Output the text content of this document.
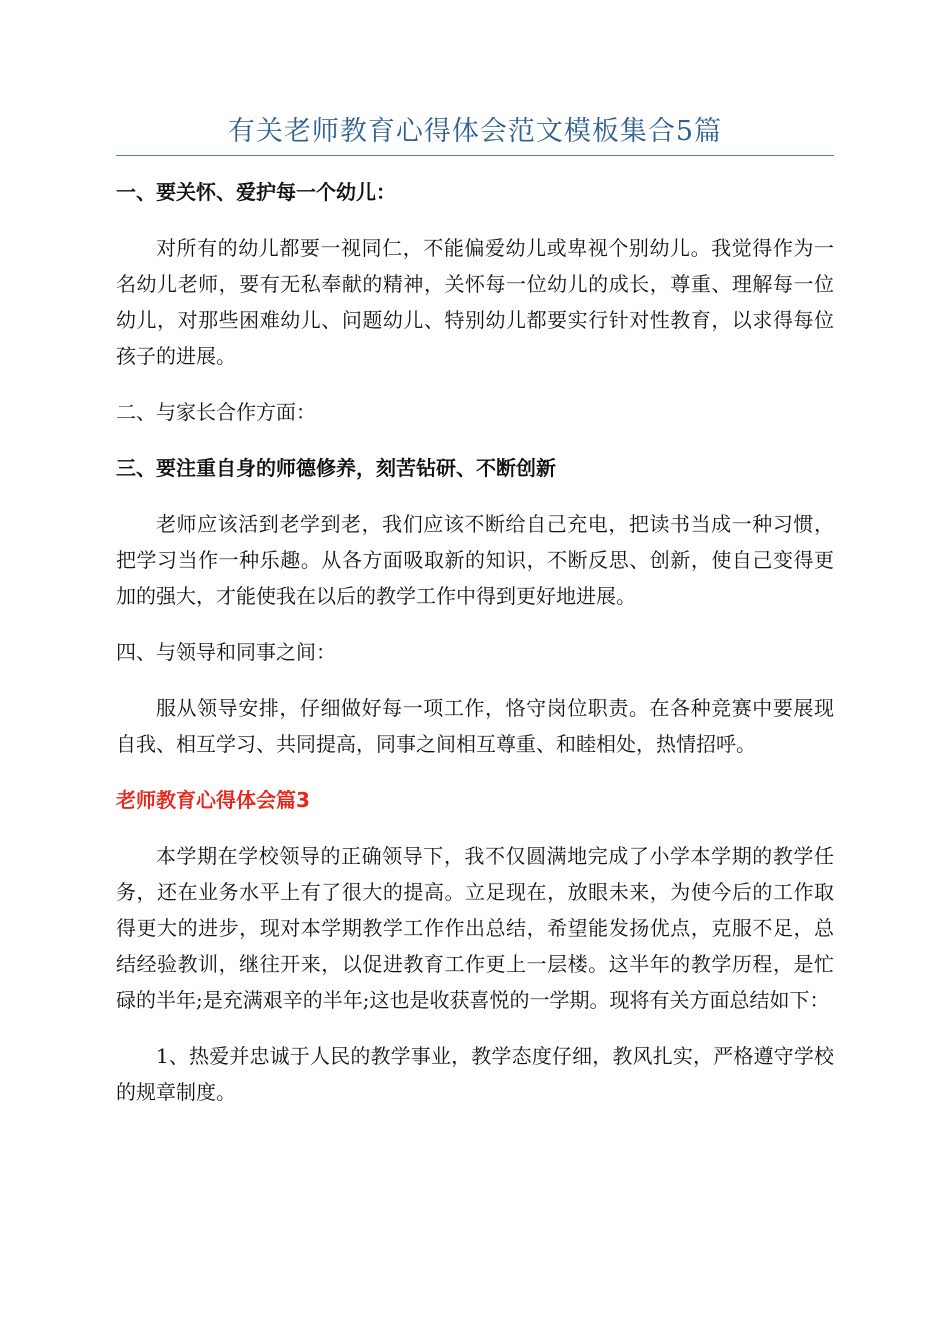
有关老师教育心得体会范文模板集合5篇
一、要关怀、爱护每一个幼儿：
对所有的幼儿都要一视同仁，不能偏爱幼儿或卑视个别幼儿。我觉得作为一名幼儿老师，要有无私奉献的精神，关怀每一位幼儿的成长，尊重、理解每一位幼儿，对那些困难幼儿、问题幼儿、特别幼儿都要实行针对性教育，以求得每位孩子的进展。
二、与家长合作方面：
三、要注重自身的师德修养，刻苦钻研、不断创新
老师应该活到老学到老，我们应该不断给自己充电，把读书当成一种习惯，把学习当作一种乐趣。从各方面吸取新的知识，不断反思、创新，使自己变得更加的强大，才能使我在以后的教学工作中得到更好地进展。
四、与领导和同事之间：
服从领导安排，仔细做好每一项工作，恪守岗位职责。在各种竞赛中要展现自我、相互学习、共同提高，同事之间相互尊重、和睦相处，热情招呼。
老师教育心得体会篇3
本学期在学校领导的正确领导下，我不仅圆满地完成了小学本学期的教学任务，还在业务水平上有了很大的提高。立足现在，放眼未来，为使今后的工作取得更大的进步，现对本学期教学工作作出总结，希望能发扬优点，克服不足，总结经验教训，继往开来，以促进教育工作更上一层楼。这半年的教学历程，是忙碌的半年;是充满艰辛的半年;这也是收获喜悦的一学期。现将有关方面总结如下：
1、热爱并忠诚于人民的教学事业，教学态度仔细，教风扎实，严格遵守学校的规章制度。
